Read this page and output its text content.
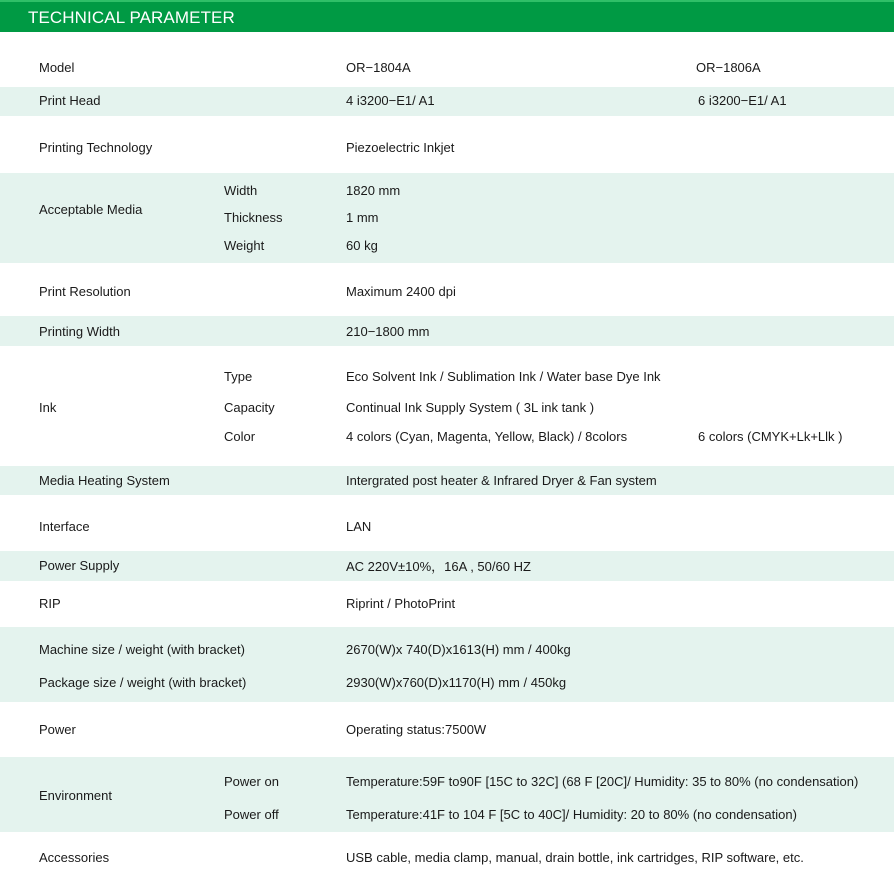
TECHNICAL PARAMETER
Model	OR−1804A	OR−1806A
Print Head	4 i3200−E1/ A1	6 i3200−E1/ A1
Printing Technology	Piezoelectric Inkjet
Acceptable Media
Width	1820 mm
Thickness	1 mm
Weight	60 kg
Print Resolution	Maximum 2400 dpi
Printing Width	210−1800 mm
Ink
Type	Eco Solvent Ink / Sublimation Ink / Water base Dye Ink
Capacity	Continual Ink Supply System ( 3L ink tank )
Color	4 colors (Cyan, Magenta, Yellow, Black) / 8colors	6 colors (CMYK+Lk+Llk )
Media Heating System	Intergrated post heater & Infrared Dryer & Fan system
Interface	LAN
Power Supply	AC 220V±10%，16A , 50/60 HZ
RIP	Riprint / PhotoPrint
Machine size / weight (with bracket)	2670(W)x 740(D)x1613(H) mm / 400kg
Package size / weight (with bracket)	2930(W)x760(D)x1170(H) mm / 450kg
Power	Operating status:7500W
Environment
Power on	Temperature:59F to90F [15C to 32C] (68 F [20C]/ Humidity: 35 to 80% (no condensation)
Power off	Temperature:41F to 104 F [5C to 40C]/ Humidity: 20 to 80% (no condensation)
Accessories	USB cable, media clamp, manual, drain bottle, ink cartridges, RIP software, etc.
